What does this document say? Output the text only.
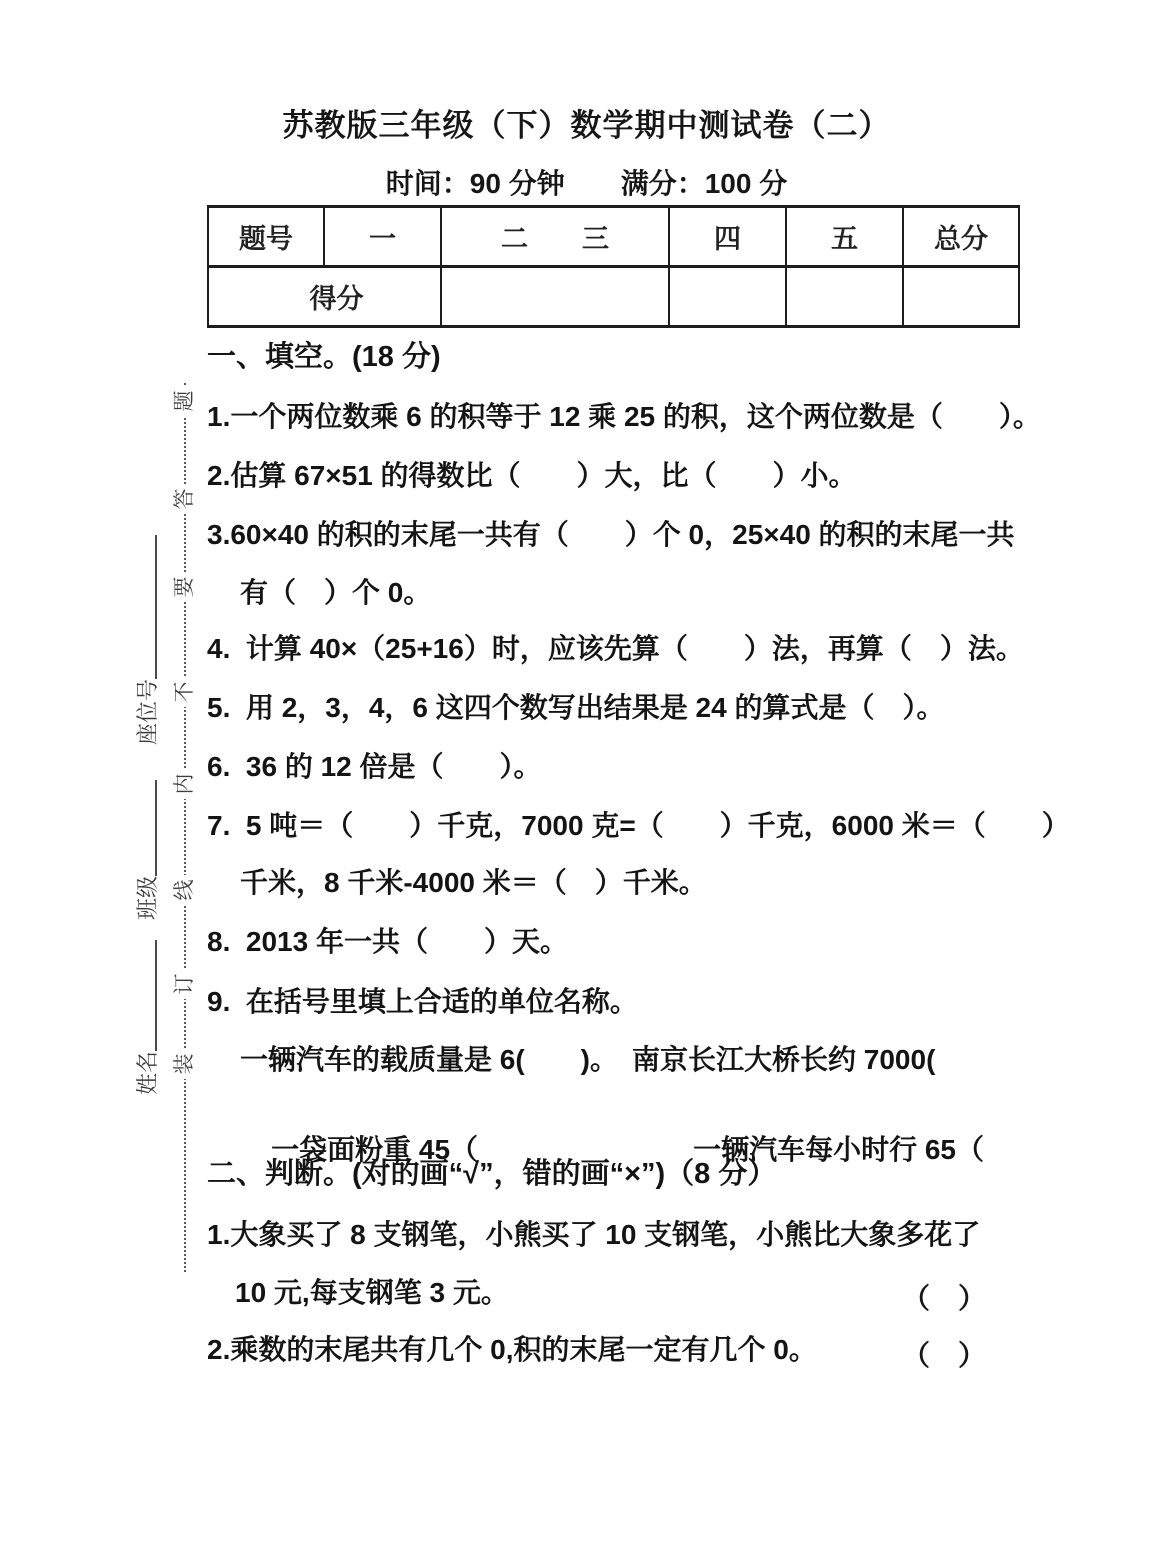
苏教版三年级（下）数学期中测试卷（二）
时间：90 分钟　　满分：100 分
题号	一	二　　三	四	五	总分
得分					
题
答
要
不
内
线
订
装
座位号
班级
姓名
一、填空。(18 分)
1.一个两位数乘 6 的积等于 12 乘 25 的积，这个两位数是（　　）。
2.估算 67×51 的得数比（　　）大，比（　　）小。
3.60×40 的积的末尾一共有（　　）个 0，25×40 的积的末尾一共
有（　）个 0。
4.  计算 40×（25+16）时，应该先算（　　）法，再算（　）法。
5.  用 2，3，4，6 这四个数写出结果是 24 的算式是（　）。
6.  36 的 12 倍是（　　）。
7.  5 吨＝（　　）千克，7000 克=（　　）千克，6000 米＝（　　）
千米，8 千米-4000 米＝（　）千米。
8.  2013 年一共（　　）天。
9.  在括号里填上合适的单位名称。
一辆汽车的载质量是 6(　　)。　南京长江大桥长约 7000(

一袋面粉重 45（	一辆汽车每小时行 65（

二、判断。(对的画“√”，错的画“×”)（8 分）
1.大象买了 8 支钢笔，小熊买了 10 支钢笔，小熊比大象多花了
10 元,每支钢笔 3 元。	（　）
2.乘数的末尾共有几个 0,积的末尾一定有几个 0。	（　）
